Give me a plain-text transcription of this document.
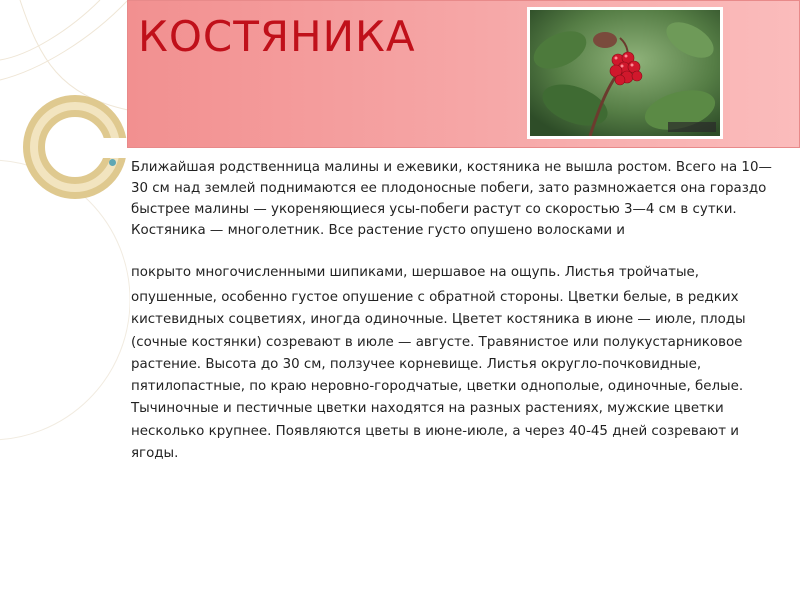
КОСТЯНИКА

Ближайшая родственница малины и ежевики, костяника не вышла ростом. Всего на 10—30 см над землей поднимаются ее плодоносные побеги, зато размножается она гораздо быстрее малины — укореняющиеся усы-побеги растут со скоростью 3—4 см в сутки. Костяника — многолетник. Все растение густо опушено волосками и

покрыто многочисленными шипиками, шершавое на ощупь. Листья тройчатые,

опушенные, особенно густое опушение с обратной стороны. Цветки белые, в редких кистевидных соцветиях, иногда одиночные. Цветет костяника в июне — июле, плоды (сочные костянки) созревают в июле — августе. Травянистое или полукустарниковое растение. Высота до 30 см, ползучее корневище. Листья округло-почковидные, пятилопастные, по краю неровно-городчатые, цветки однополые, одиночные, белые. Тычиночные и пестичные цветки находятся на разных растениях, мужские цветки несколько крупнее. Появляются цветы в июне-июле, а через 40-45 дней созревают и ягоды.
